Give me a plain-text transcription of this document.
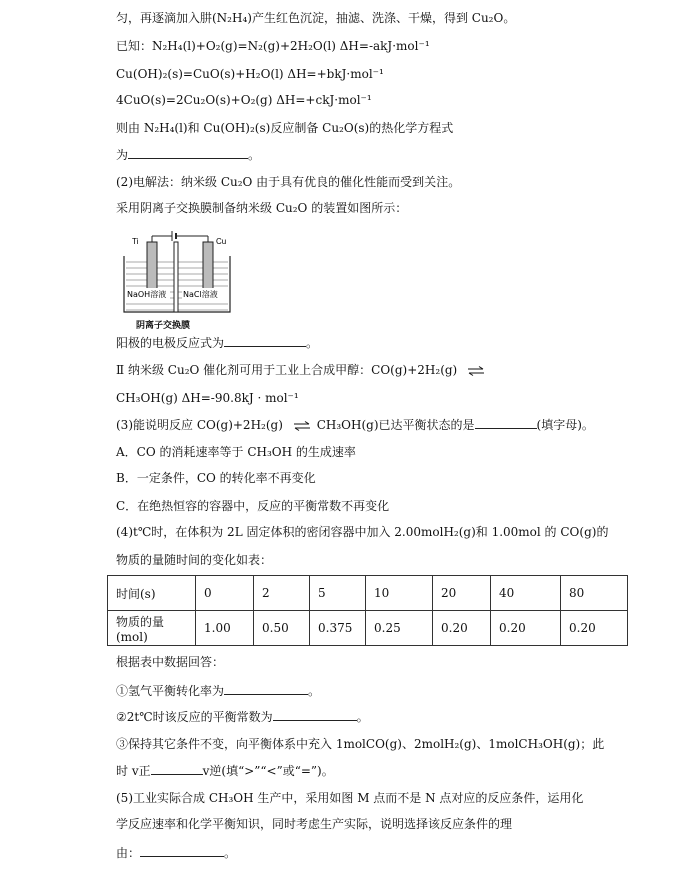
匀，再逐滴加入肼(N₂H₄)产生红色沉淀，抽滤、洗涤、干燥，得到 Cu₂O。
已知：N₂H₄(l)+O₂(g)=N₂(g)+2H₂O(l) ΔH=-akJ·mol⁻¹
Cu(OH)₂(s)=CuO(s)+H₂O(l) ΔH=+bkJ·mol⁻¹
4CuO(s)=2Cu₂O(s)+O₂(g) ΔH=+ckJ·mol⁻¹
则由 N₂H₄(l)和 Cu(OH)₂(s)反应制备 Cu₂O(s)的热化学方程式
为	。
(2)电解法：纳米级 Cu₂O 由于具有优良的催化性能而受到关注。
采用阴离子交换膜制备纳米级 Cu₂O 的装置如图所示：
Ti	Cu
NaOH溶液 NaCl溶液
阴离子交换膜
阳极的电极反应式为	。
Ⅱ 纳米级 Cu₂O 催化剂可用于工业上合成甲醇：CO(g)+2H₂(g) ⇌
CH₃OH(g) ΔH=-90.8kJ · mol⁻¹
(3)能说明反应 CO(g)+2H₂(g) ⇌ CH₃OH(g)已达平衡状态的是	(填字母)。
A．CO 的消耗速率等于 CH₃OH 的生成速率
B．一定条件，CO 的转化率不再变化
C．在绝热恒容的容器中，反应的平衡常数不再变化
(4)t℃时，在体积为 2L 固定体积的密闭容器中加入 2.00molH₂(g)和 1.00mol 的 CO(g)的
物质的量随时间的变化如表：
时间(s)	0	2	5	10	20	40	80
物质的量(mol)	1.00	0.50	0.375	0.25	0.20	0.20	0.20
根据表中数据回答：
①氢气平衡转化率为	。
②2t℃时该反应的平衡常数为	。
③保持其它条件不变，向平衡体系中充入 1molCO(g)、2molH₂(g)、1molCH₃OH(g)；此
时 v正	v逆(填“>”“<”或“=”)。
(5)工业实际合成 CH₃OH 生产中，采用如图 M 点而不是 N 点对应的反应条件，运用化
学反应速率和化学平衡知识，同时考虑生产实际，说明选择该反应条件的理
由：	。
